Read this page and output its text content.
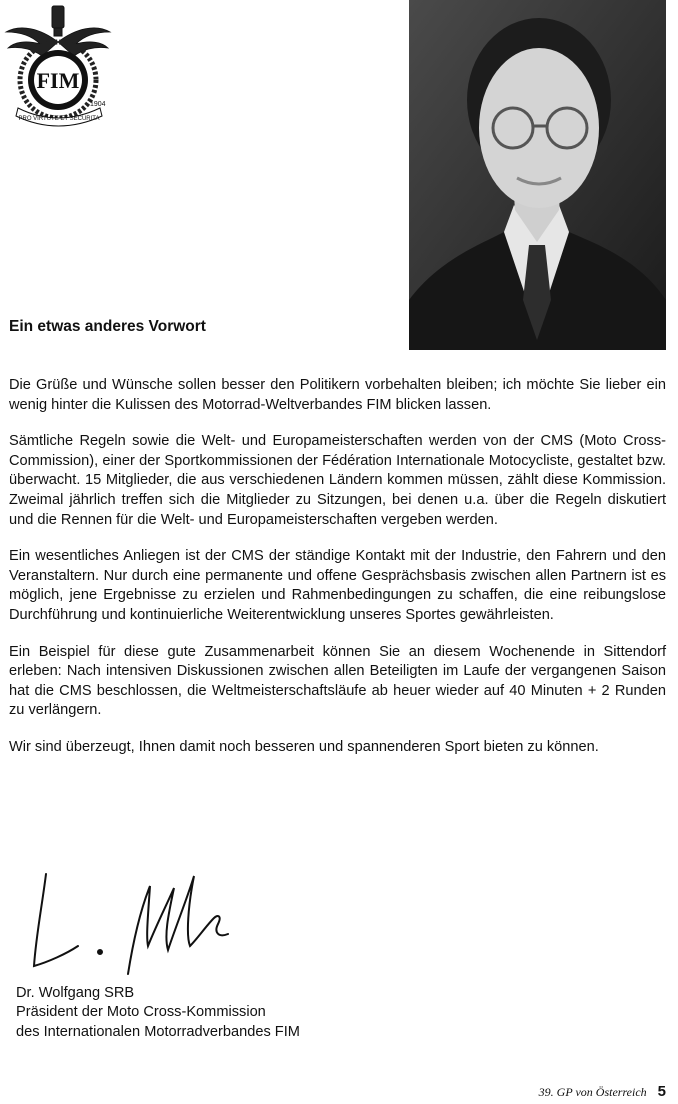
FIM
1904
PRO VIRTUTE ET SECURITA
Ein etwas anderes Vorwort

Die Grüße und Wünsche sollen besser den Politikern vorbehalten bleiben; ich möchte Sie lieber ein wenig hinter die Kulissen des Motorrad-Weltverbandes FIM blicken lassen.

Sämtliche Regeln sowie die Welt- und Europameisterschaften werden von der CMS (Moto Cross-Commission), einer der Sportkommissionen der Fédération Internationale Motocycliste, gestaltet bzw. überwacht. 15 Mitglieder, die aus verschiedenen Ländern kommen müssen, zählt diese Kommission. Zweimal jährlich treffen sich die Mitglieder zu Sitzungen, bei denen u.a. über die Regeln diskutiert und die Rennen für die Welt- und Europameisterschaften vergeben werden.

Ein wesentliches Anliegen ist der CMS der ständige Kontakt mit der Industrie, den Fahrern und den Veranstaltern. Nur durch eine permanente und offene Gesprächsbasis zwischen allen Partnern ist es möglich, jene Ergebnisse zu erzielen und Rahmenbedingungen zu schaffen, die eine reibungslose Durchführung und kontinuierliche Weiterentwicklung unseres Sportes gewährleisten.

Ein Beispiel für diese gute Zusammenarbeit können Sie an diesem Wochenende in Sittendorf erleben: Nach intensiven Diskussionen zwischen allen Beteiligten im Laufe der vergangenen Saison hat die CMS beschlossen, die Weltmeisterschaftsläufe ab heuer wieder auf 40 Minuten + 2 Runden zu verlängern.

Wir sind überzeugt, Ihnen damit noch besseren und spannenderen Sport bieten zu können.

Dr. Wolfgang SRB
Präsident der Moto Cross-Kommission
des Internationalen Motorradverbandes FIM
39. GP von Österreich 5
